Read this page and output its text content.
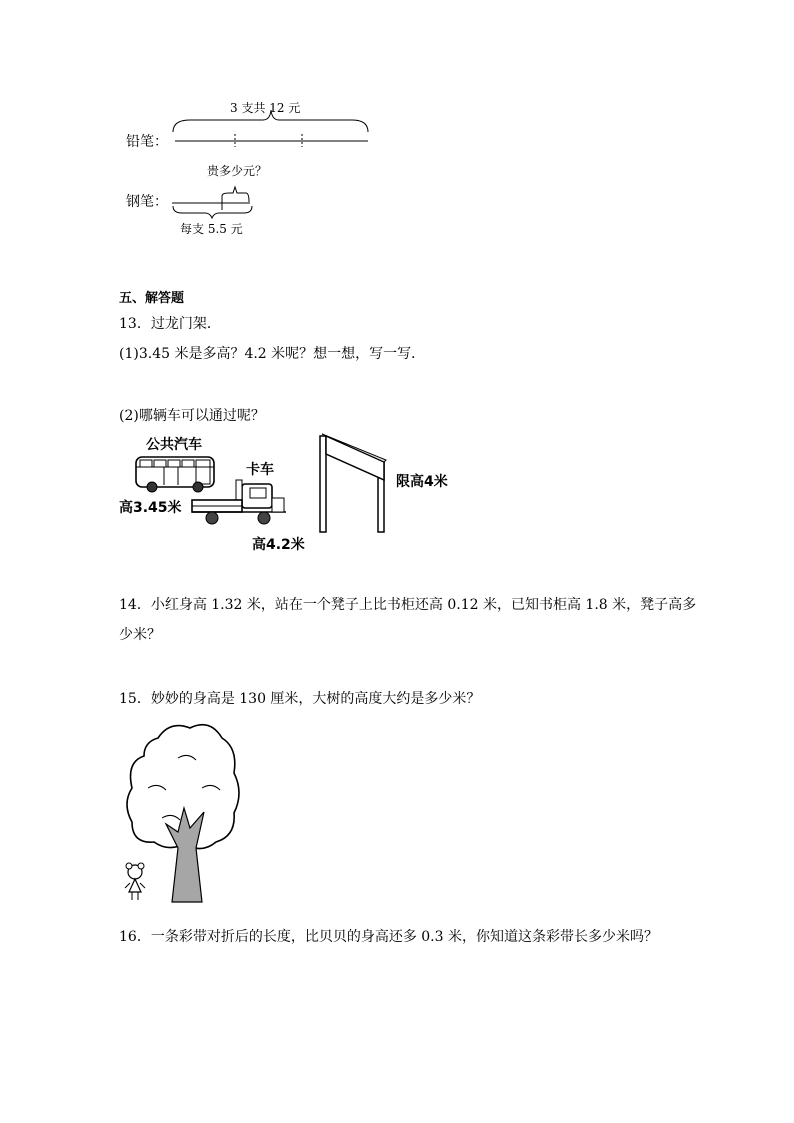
3 支共 12 元
铅笔：
贵多少元？
钢笔：
每支 5.5 元
五、解答题
13．过龙门架．
(1)3.45 米是多高？4.2 米呢？想一想，写一写．
(2)哪辆车可以通过呢？
公共汽车
高3.45米
卡车
高4.2米
限高4米
14．小红身高 1.32 米，站在一个凳子上比书柜还高 0.12 米，已知书柜高 1.8 米，凳子高多
少米？
15．妙妙的身高是 130 厘米，大树的高度大约是多少米？
16．一条彩带对折后的长度，比贝贝的身高还多 0.3 米，你知道这条彩带长多少米吗？
